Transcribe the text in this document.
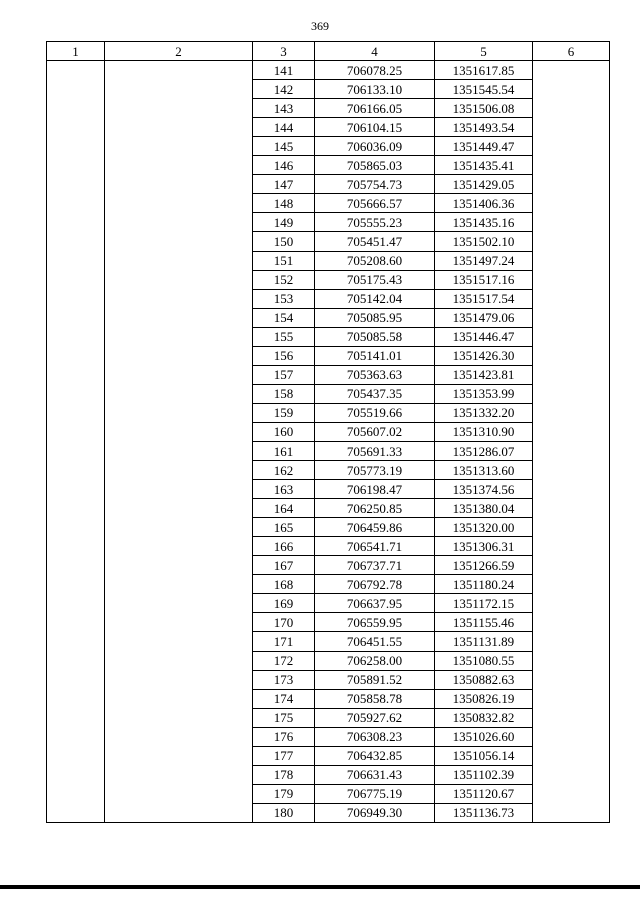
369
1	2	3	4	5	6
		141	706078.25	1351617.85	
		142	706133.10	1351545.54	
		143	706166.05	1351506.08	
		144	706104.15	1351493.54	
		145	706036.09	1351449.47	
		146	705865.03	1351435.41	
		147	705754.73	1351429.05	
		148	705666.57	1351406.36	
		149	705555.23	1351435.16	
		150	705451.47	1351502.10	
		151	705208.60	1351497.24	
		152	705175.43	1351517.16	
		153	705142.04	1351517.54	
		154	705085.95	1351479.06	
		155	705085.58	1351446.47	
		156	705141.01	1351426.30	
		157	705363.63	1351423.81	
		158	705437.35	1351353.99	
		159	705519.66	1351332.20	
		160	705607.02	1351310.90	
		161	705691.33	1351286.07	
		162	705773.19	1351313.60	
		163	706198.47	1351374.56	
		164	706250.85	1351380.04	
		165	706459.86	1351320.00	
		166	706541.71	1351306.31	
		167	706737.71	1351266.59	
		168	706792.78	1351180.24	
		169	706637.95	1351172.15	
		170	706559.95	1351155.46	
		171	706451.55	1351131.89	
		172	706258.00	1351080.55	
		173	705891.52	1350882.63	
		174	705858.78	1350826.19	
		175	705927.62	1350832.82	
		176	706308.23	1351026.60	
		177	706432.85	1351056.14	
		178	706631.43	1351102.39	
		179	706775.19	1351120.67	
		180	706949.30	1351136.73	
